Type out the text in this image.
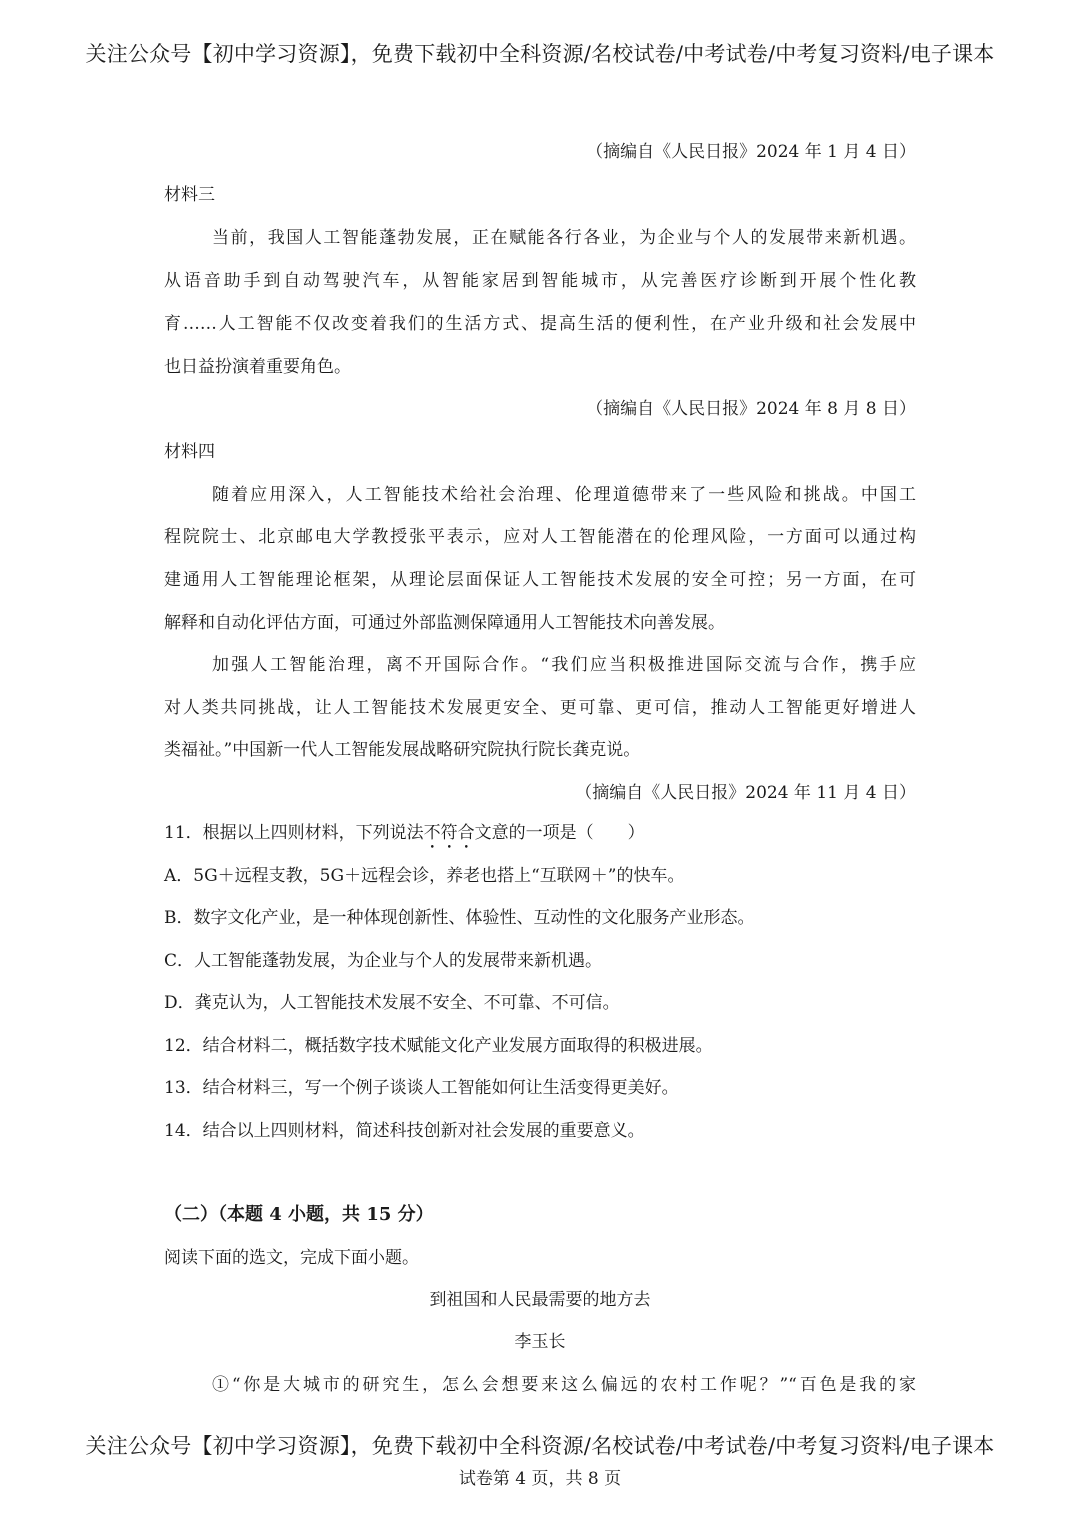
关注公众号【初中学习资源】，免费下载初中全科资源/名校试卷/中考试卷/中考复习资料/电子课本
（摘编自《人民日报》2024 年 1 月 4 日）
材料三
当前，我国人工智能蓬勃发展，正在赋能各行各业，为企业与个人的发展带来新机遇。
从语音助手到自动驾驶汽车，从智能家居到智能城市，从完善医疗诊断到开展个性化教
育……人工智能不仅改变着我们的生活方式、提高生活的便利性，在产业升级和社会发展中
也日益扮演着重要角色。
（摘编自《人民日报》2024 年 8 月 8 日）
材料四
随着应用深入，人工智能技术给社会治理、伦理道德带来了一些风险和挑战。中国工
程院院士、北京邮电大学教授张平表示，应对人工智能潜在的伦理风险，一方面可以通过构
建通用人工智能理论框架，从理论层面保证人工智能技术发展的安全可控；另一方面，在可
解释和自动化评估方面，可通过外部监测保障通用人工智能技术向善发展。
加强人工智能治理，离不开国际合作。“我们应当积极推进国际交流与合作，携手应
对人类共同挑战，让人工智能技术发展更安全、更可靠、更可信，推动人工智能更好增进人
类福祉。”中国新一代人工智能发展战略研究院执行院长龚克说。
（摘编自《人民日报》2024 年 11 月 4 日）
11．根据以上四则材料，下列说法不符合文意的一项是（　　）
A．5G＋远程支教，5G＋远程会诊，养老也搭上“互联网＋”的快车。
B．数字文化产业，是一种体现创新性、体验性、互动性的文化服务产业形态。
C．人工智能蓬勃发展，为企业与个人的发展带来新机遇。
D．龚克认为，人工智能技术发展不安全、不可靠、不可信。
12．结合材料二，概括数字技术赋能文化产业发展方面取得的积极进展。
13．结合材料三，写一个例子谈谈人工智能如何让生活变得更美好。
14．结合以上四则材料，简述科技创新对社会发展的重要意义。
（二）（本题 4 小题，共 15 分）
阅读下面的选文，完成下面小题。
到祖国和人民最需要的地方去
李玉长
①“你是大城市的研究生，怎么会想要来这么偏远的农村工作呢？”“百色是我的家
关注公众号【初中学习资源】，免费下载初中全科资源/名校试卷/中考试卷/中考复习资料/电子课本
试卷第 4 页，共 8 页
